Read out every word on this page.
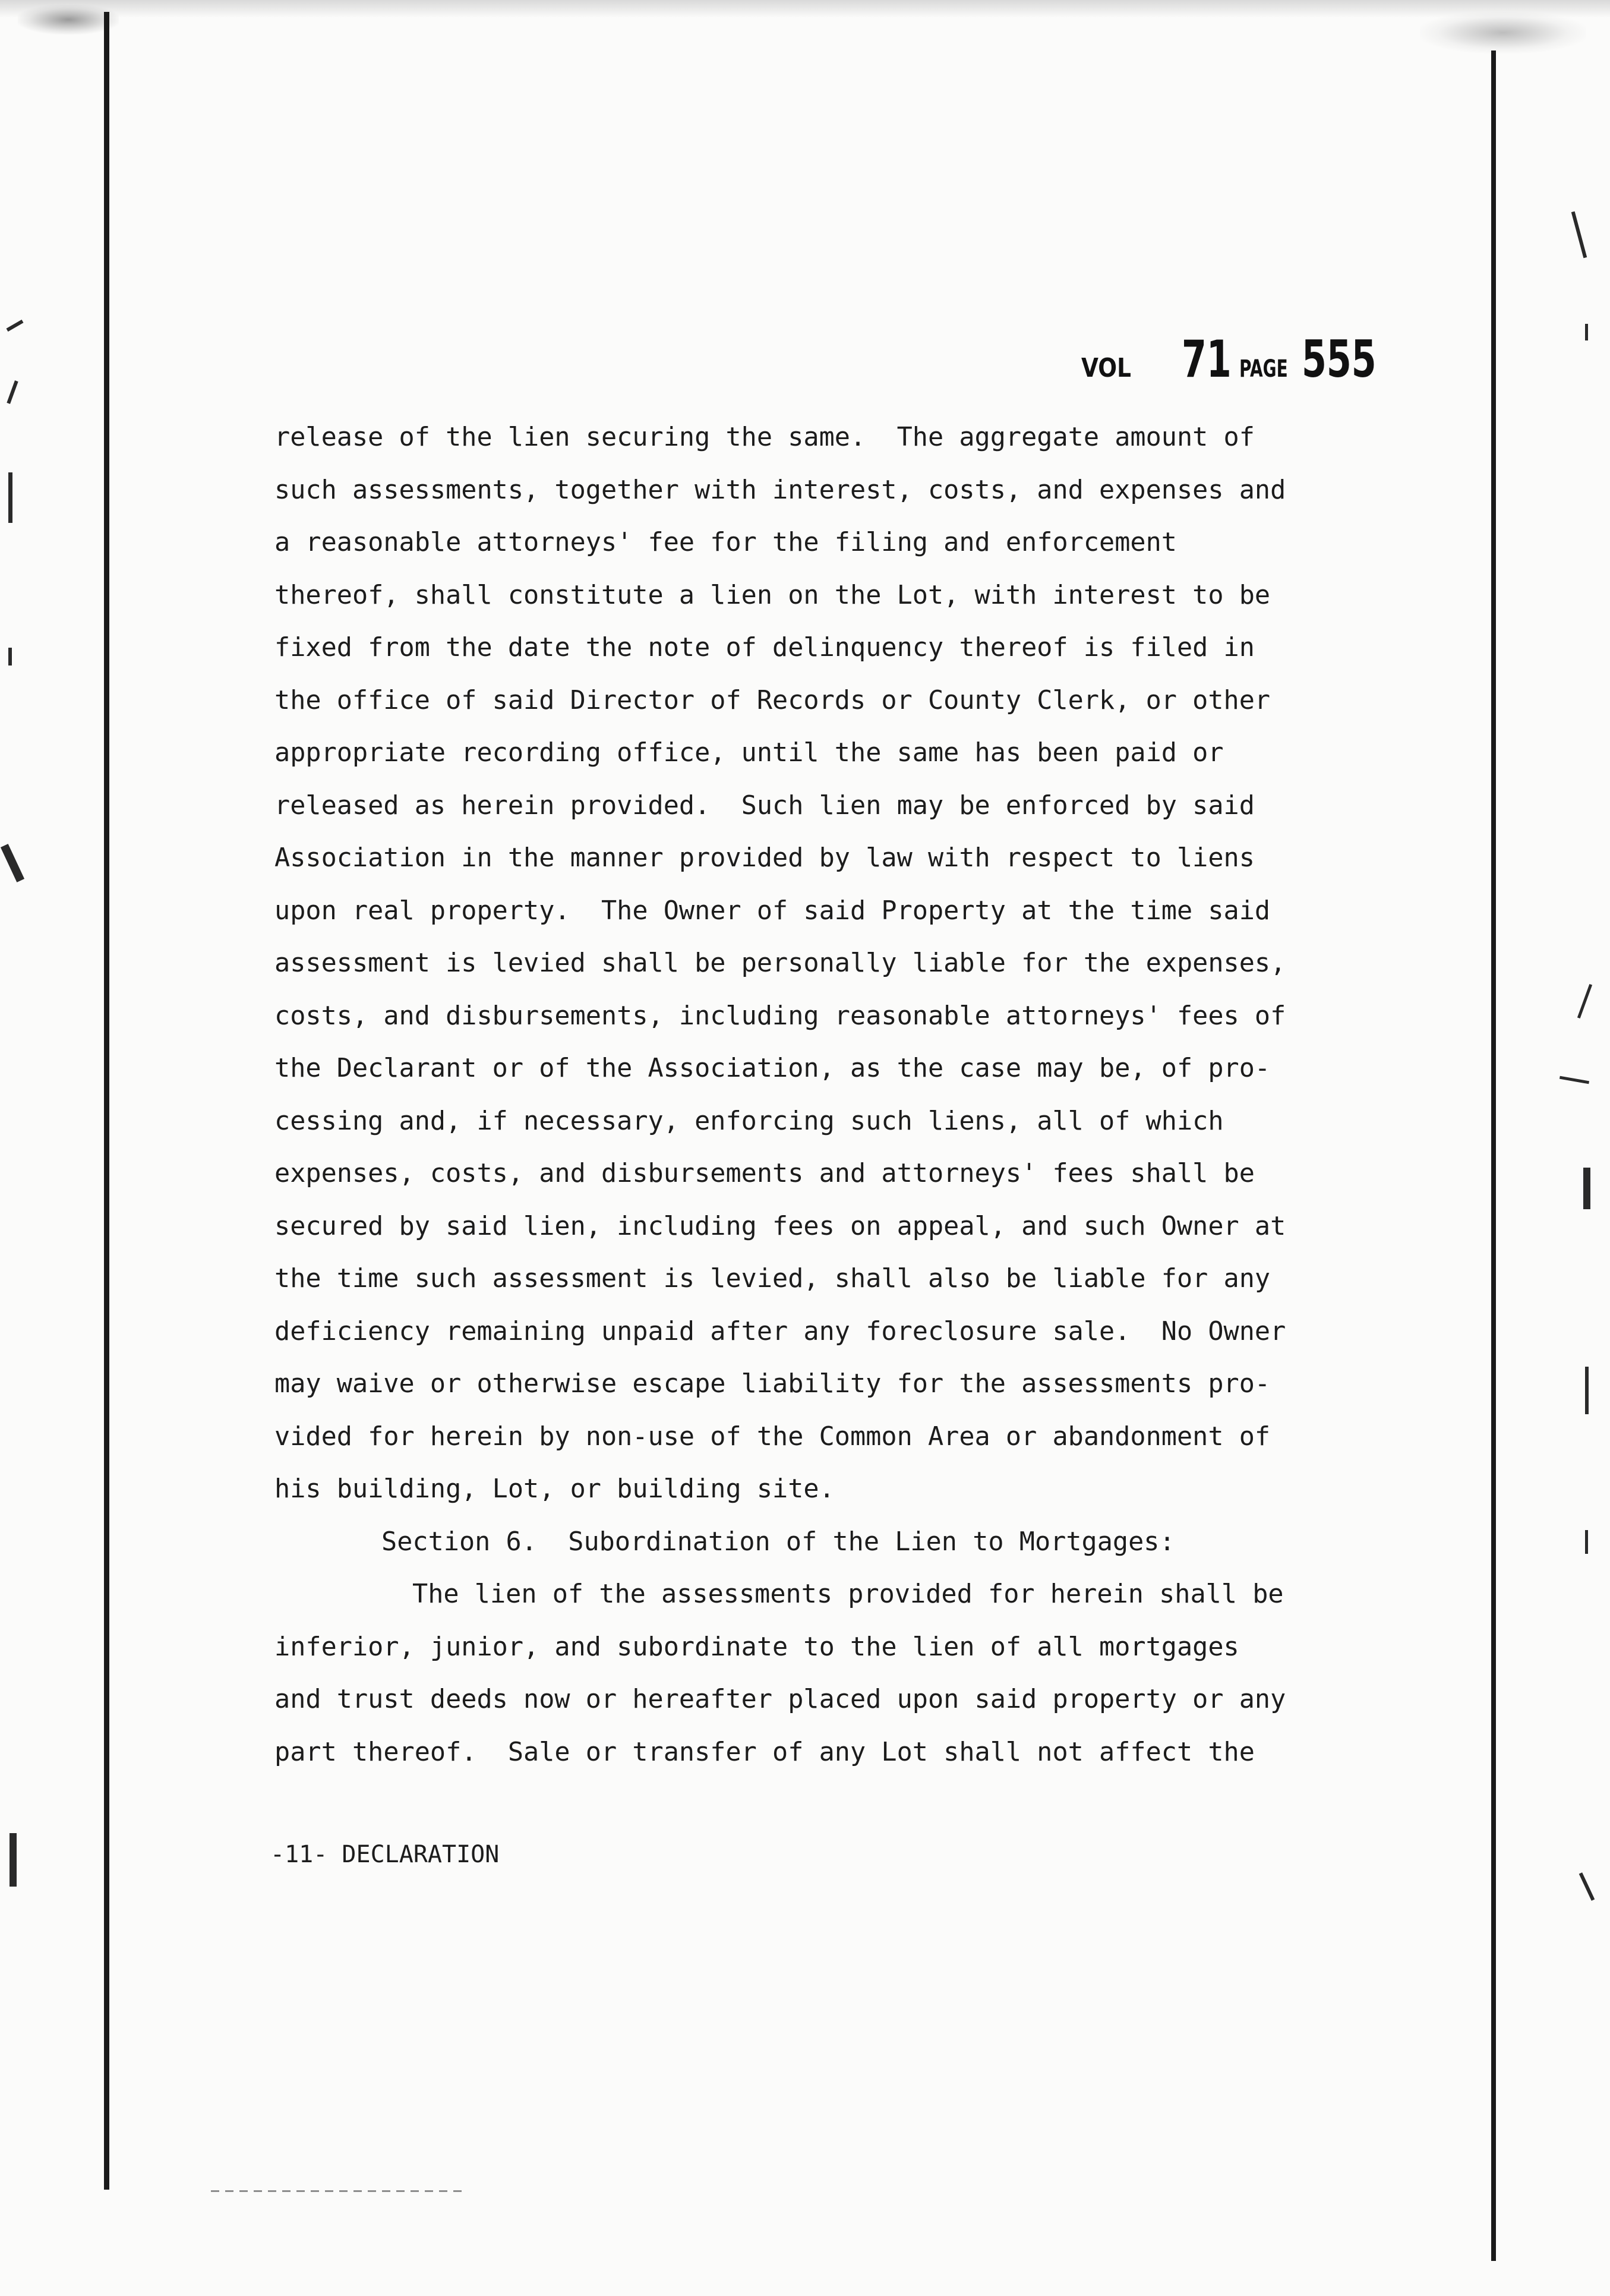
VOL 71 PAGE 555
release of the lien securing the same.  The aggregate amount of
such assessments, together with interest, costs, and expenses and
a reasonable attorneys' fee for the filing and enforcement
thereof, shall constitute a lien on the Lot, with interest to be
fixed from the date the note of delinquency thereof is filed in
the office of said Director of Records or County Clerk, or other
appropriate recording office, until the same has been paid or
released as herein provided.  Such lien may be enforced by said
Association in the manner provided by law with respect to liens
upon real property.  The Owner of said Property at the time said
assessment is levied shall be personally liable for the expenses,
costs, and disbursements, including reasonable attorneys' fees of
the Declarant or of the Association, as the case may be, of pro-
cessing and, if necessary, enforcing such liens, all of which
expenses, costs, and disbursements and attorneys' fees shall be
secured by said lien, including fees on appeal, and such Owner at
the time such assessment is levied, shall also be liable for any
deficiency remaining unpaid after any foreclosure sale.  No Owner
may waive or otherwise escape liability for the assessments pro-
vided for herein by non-use of the Common Area or abandonment of
his building, Lot, or building site.
Section 6.  Subordination of the Lien to Mortgages:
The lien of the assessments provided for herein shall be
inferior, junior, and subordinate to the lien of all mortgages
and trust deeds now or hereafter placed upon said property or any
part thereof.  Sale or transfer of any Lot shall not affect the
-11- DECLARATION
